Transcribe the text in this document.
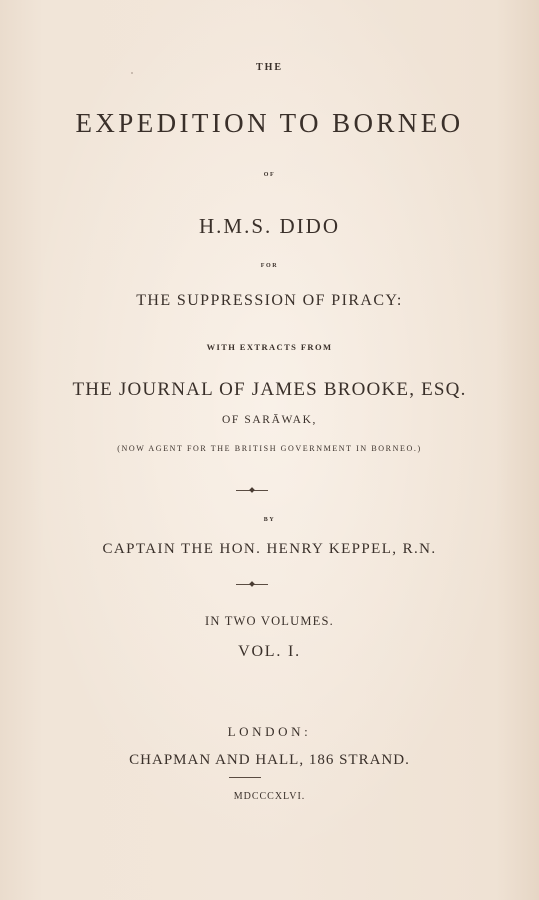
THE
EXPEDITION TO BORNEO
OF
H.M.S. DIDO
FOR
THE SUPPRESSION OF PIRACY:
WITH EXTRACTS FROM
THE JOURNAL OF JAMES BROOKE, ESQ.
OF SARĀWAK,
(NOW AGENT FOR THE BRITISH GOVERNMENT IN BORNEO.)
BY
CAPTAIN THE HON. HENRY KEPPEL, R.N.
IN TWO VOLUMES.
VOL. I.
LONDON:
CHAPMAN AND HALL, 186 STRAND.
MDCCCXLVI.
